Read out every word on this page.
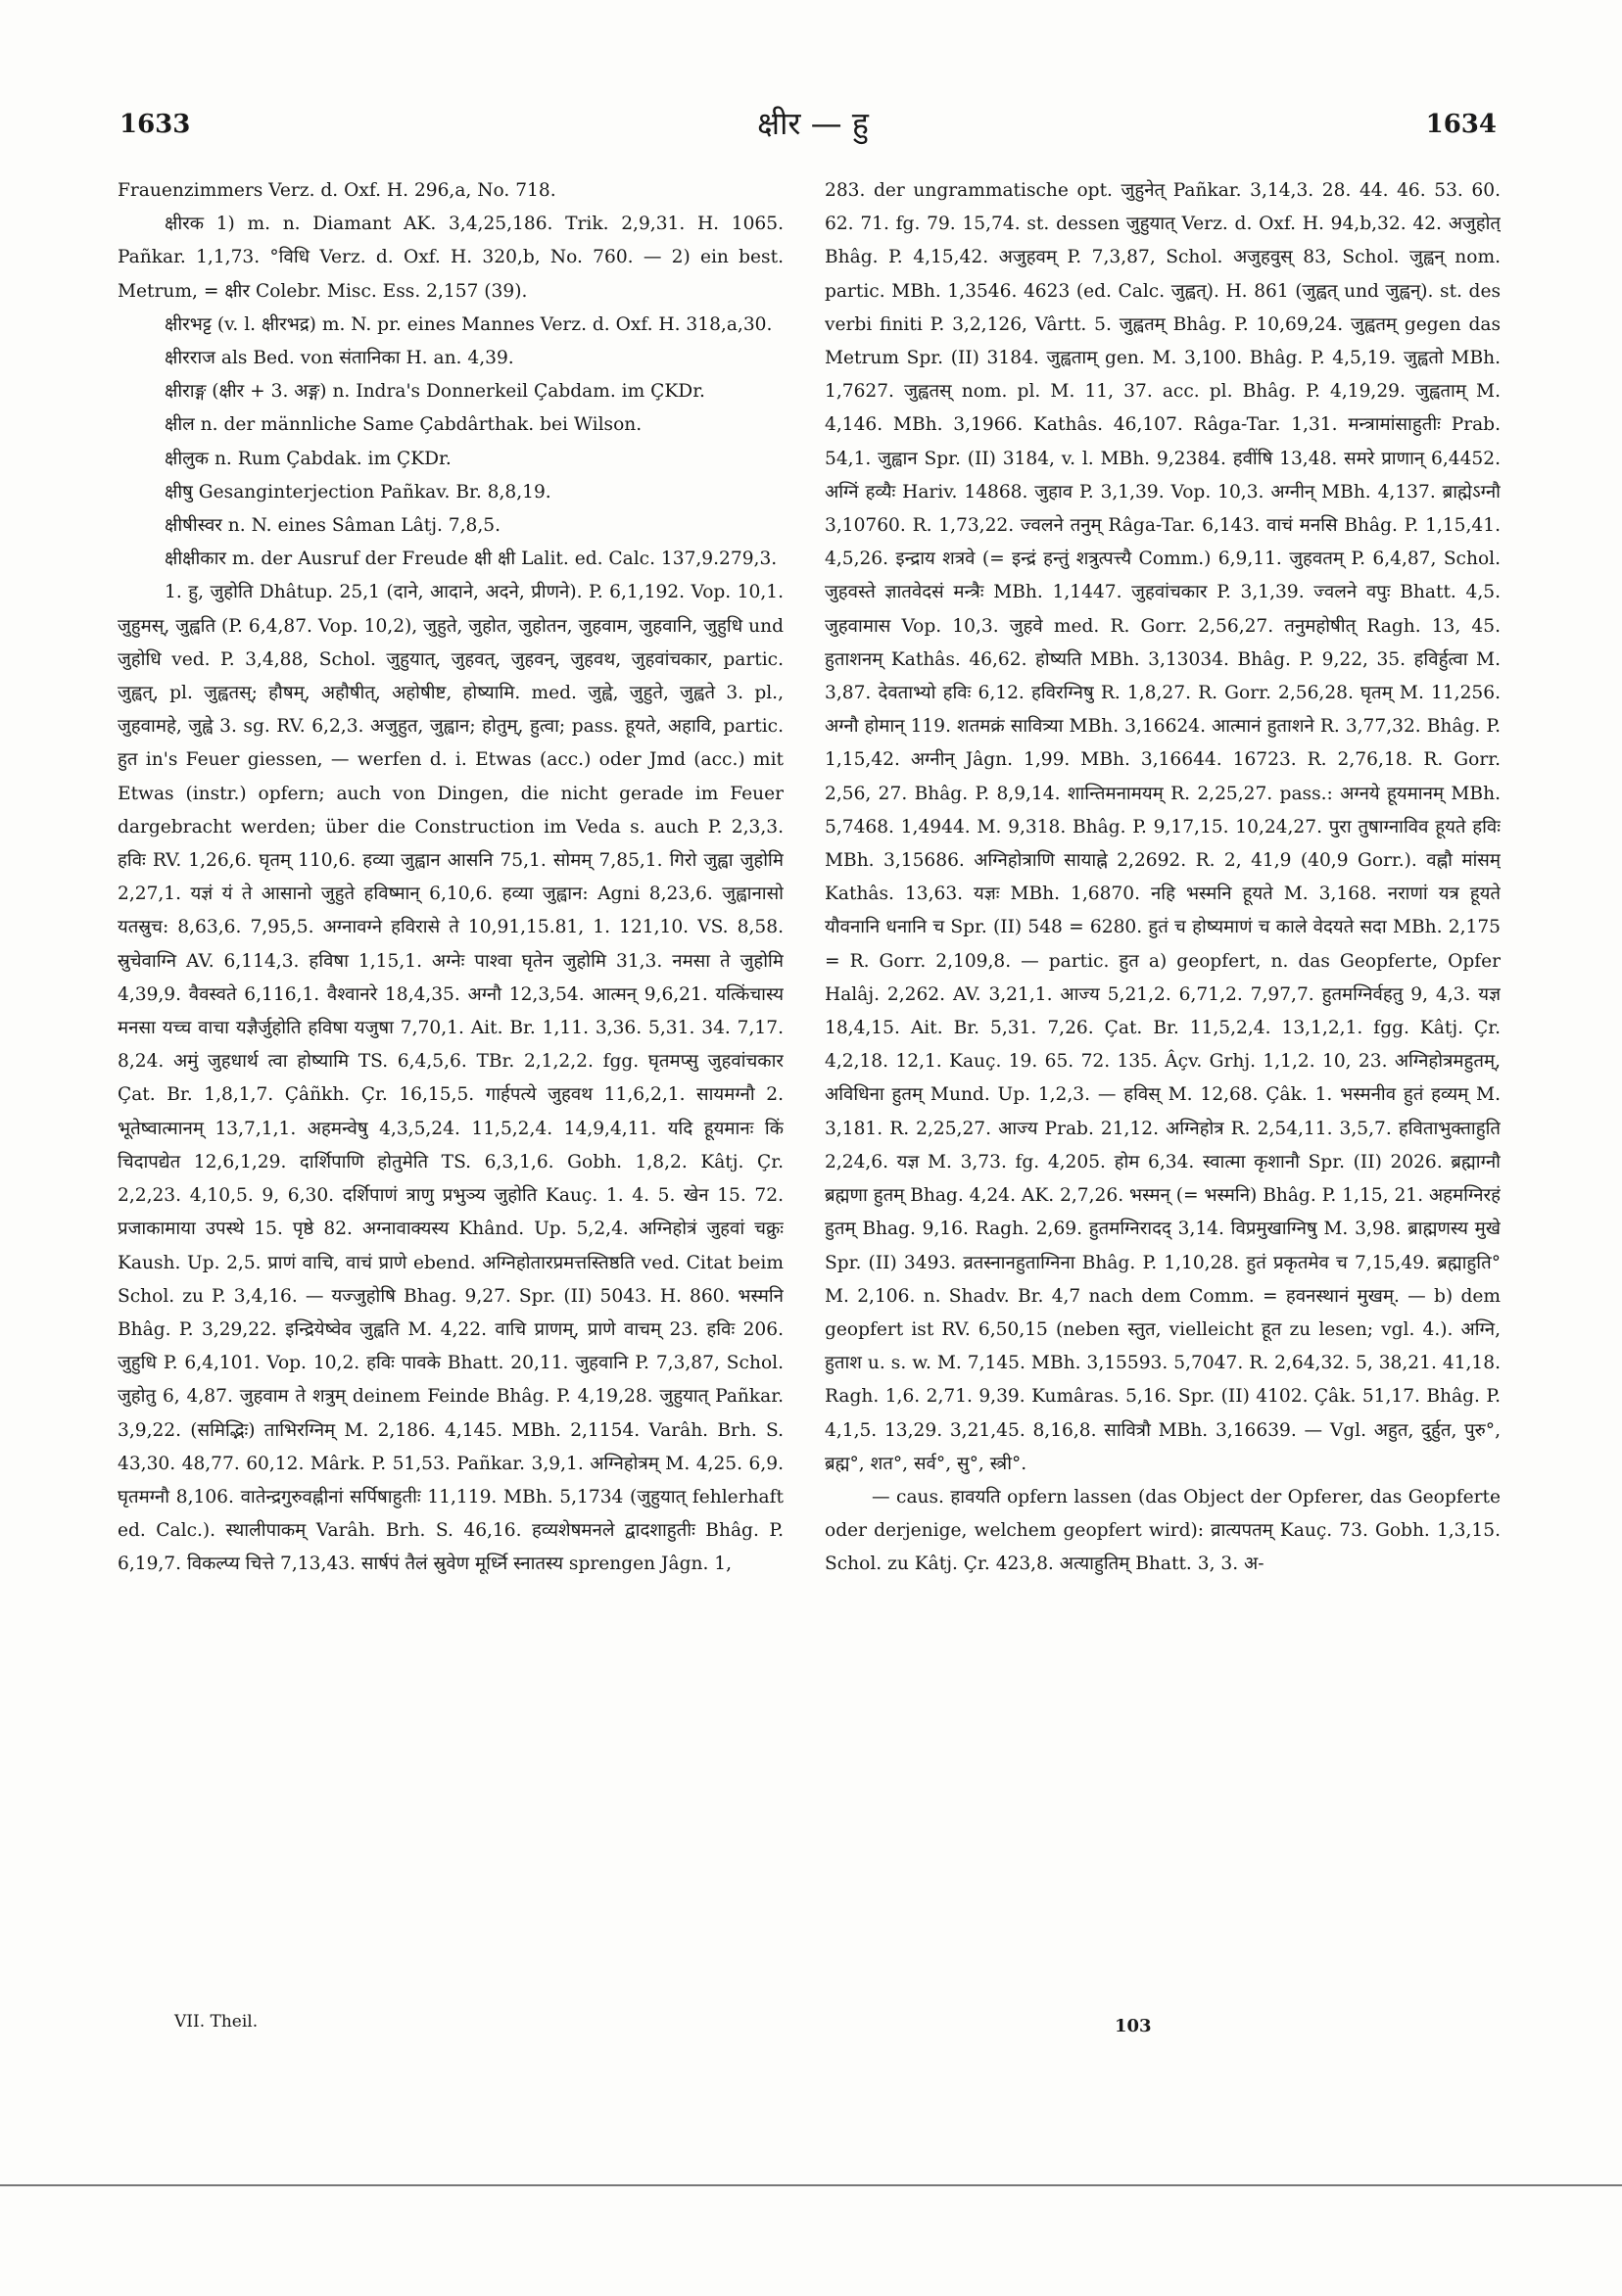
1633	क्षीर — हु	1634

Frauenzimmers Verz. d. Oxf. H. 296,a, No. 718.

क्षीरक 1) m. n. Diamant AK. 3,4,25,186. Trik. 2,9,31. H. 1065. Pañkar. 1,1,73. °विधि Verz. d. Oxf. H. 320,b, No. 760. — 2) ein best. Metrum, = क्षीर Colebr. Misc. Ess. 2,157 (39).

क्षीरभट्ट (v. l. क्षीरभद्र) m. N. pr. eines Mannes Verz. d. Oxf. H. 318,a,30.

क्षीरराज als Bed. von संतानिका H. an. 4,39.

क्षीराङ्ग (क्षीर + 3. अङ्ग) n. Indra's Donnerkeil Çabdam. im ÇKDr.

क्षील n. der männliche Same Çabdârthak. bei Wilson.

क्षीलुक n. Rum Çabdak. im ÇKDr.

क्षीषु Gesanginterjection Pañkav. Br. 8,8,19.

क्षीषीस्वर n. N. eines Sâman Lâtj. 7,8,5.

क्षीक्षीकार m. der Ausruf der Freude क्षी क्षी Lalit. ed. Calc. 137,9.279,3.

1. हु, जुहोति Dhâtup. 25,1 (दाने, आदाने, अदने, प्रीणने). P. 6,1,192. Vop. 10,1. जुहुमस्, जुह्वति (P. 6,4,87. Vop. 10,2), जुहुते, जुहोत, जुहोतन, जुहवाम, जुहवानि, जुहुधि und जुहोधि ved. P. 3,4,88, Schol. जुहुयात्, जुहवत्, जुहवन्, जुहवथ, जुहवांचकार, partic. जुह्वत्, pl. जुह्वतस्; हौषम्, अहौषीत्, अहोषीष्ट, होष्यामि. med. जुह्वे, जुहुते, जुह्वते 3. pl., जुहवामहे, जुह्वे 3. sg. RV. 6,2,3. अजुहुत, जुह्वान; होतुम्, हुत्वा; pass. हूयते, अहावि, partic. हुत in's Feuer giessen, — werfen d. i. Etwas (acc.) oder Jmd (acc.) mit Etwas (instr.) opfern; auch von Dingen, die nicht gerade im Feuer dargebracht werden; über die Construction im Veda s. auch P. 2,3,3. हविः RV. 1,26,6. घृतम् 110,6. हव्या जुह्वान आसनि 75,1. सोमम् 7,85,1. गिरो जुह्वा जुहोमि 2,27,1. यज्ञं यं ते आसानो जुहुते हविष्मान् 6,10,6. हव्या जुह्वान: Agni 8,23,6. जुह्वानासो यतस्रुच: 8,63,6. 7,95,5. अग्नावग्ने हविरासे ते 10,91,15.81, 1. 121,10. VS. 8,58. स्रुचेवाग्नि AV. 6,114,3. हविषा 1,15,1. अग्नेः पाश्वा घृतेन जुहोमि 31,3. नमसा ते जुहोमि 4,39,9. वैवस्वते 6,116,1. वैश्वानरे 18,4,35. अग्नौ 12,3,54. आत्मन् 9,6,21. यत्किंचास्य मनसा यच्च वाचा यज्ञैर्जुहोति हविषा यजुषा 7,70,1. Ait. Br. 1,11. 3,36. 5,31. 34. 7,17. 8,24. अमुं जुहधार्थ त्वा होष्यामि TS. 6,4,5,6. TBr. 2,1,2,2. fgg. घृतमप्सु जुहवांचकार Çat. Br. 1,8,1,7. Çâñkh. Çr. 16,15,5. गार्हपत्ये जुहवथ 11,6,2,1. सायमग्नौ 2. भूतेष्वात्मानम् 13,7,1,1. अहमन्वेषु 4,3,5,24. 11,5,2,4. 14,9,4,11. यदि हूयमानः किं चिदापद्येत 12,6,1,29. दार्शिपाणि होतुमेति TS. 6,3,1,6. Gobh. 1,8,2. Kâtj. Çr. 2,2,23. 4,10,5. 9, 6,30. दर्शिपाणं त्राणु प्रभुञ्य जुहोति Kauç. 1. 4. 5. खेन 15. 72. प्रजाकामाया उपस्थे 15. पृष्ठे 82. अग्नावाक्यस्य Khând. Up. 5,2,4. अग्निहोत्रं जुहवां चक्रुः Kaush. Up. 2,5. प्राणं वाचि, वाचं प्राणे ebend. अग्निहोतारप्रमत्तस्तिष्ठति ved. Citat beim Schol. zu P. 3,4,16. — यज्जुहोषि Bhag. 9,27. Spr. (II) 5043. H. 860. भस्मनि Bhâg. P. 3,29,22. इन्द्रियेष्वेव जुह्वति M. 4,22. वाचि प्राणम्, प्राणे वाचम् 23. हविः 206. जुहुधि P. 6,4,101. Vop. 10,2. हविः पावके Bhatt. 20,11. जुहवानि P. 7,3,87, Schol. जुहोतु 6, 4,87. जुहवाम ते शत्रुम् deinem Feinde Bhâg. P. 4,19,28. जुहुयात् Pañkar. 3,9,22. (समिद्भिः) ताभिरग्निम् M. 2,186. 4,145. MBh. 2,1154. Varâh. Brh. S. 43,30. 48,77. 60,12. Mârk. P. 51,53. Pañkar. 3,9,1. अग्निहोत्रम् M. 4,25. 6,9. घृतमग्नौ 8,106. वातेन्द्रगुरुवह्नीनां सर्पिषाहुतीः 11,119. MBh. 5,1734 (जुहुयात् fehlerhaft ed. Calc.). स्थालीपाकम् Varâh. Brh. S. 46,16. हव्यशेषमनले द्वादशाहुतीः Bhâg. P. 6,19,7. विकल्प्य चित्ते 7,13,43. सार्षपं तैलं स्रुवेण मूर्ध्नि स्नातस्य sprengen Jâgn. 1,

283. der ungrammatische opt. जुहुनेत् Pañkar. 3,14,3. 28. 44. 46. 53. 60. 62. 71. fg. 79. 15,74. st. dessen जुहुयात् Verz. d. Oxf. H. 94,b,32. 42. अजुहोत् Bhâg. P. 4,15,42. अजुहवम् P. 7,3,87, Schol. अजुहवुस् 83, Schol. जुह्वन् nom. partic. MBh. 1,3546. 4623 (ed. Calc. जुह्वत्). H. 861 (जुह्वत् und जुह्वन्). st. des verbi finiti P. 3,2,126, Vârtt. 5. जुह्वतम् Bhâg. P. 10,69,24. जुह्वतम् gegen das Metrum Spr. (II) 3184. जुह्वताम् gen. M. 3,100. Bhâg. P. 4,5,19. जुह्वतो MBh. 1,7627. जुह्वतस् nom. pl. M. 11, 37. acc. pl. Bhâg. P. 4,19,29. जुह्वताम् M. 4,146. MBh. 3,1966. Kathâs. 46,107. Râga-Tar. 1,31. मन्त्रामांसाहुतीः Prab. 54,1. जुह्वान Spr. (II) 3184, v. l. MBh. 9,2384. हवींषि 13,48. समरे प्राणान् 6,4452. अग्निं हव्यैः Hariv. 14868. जुहाव P. 3,1,39. Vop. 10,3. अग्नीन् MBh. 4,137. ब्राह्मेऽग्नौ 3,10760. R. 1,73,22. ज्वलने तनुम् Râga-Tar. 6,143. वाचं मनसि Bhâg. P. 1,15,41. 4,5,26. इन्द्राय शत्रवे (= इन्द्रं हन्तुं शत्रुत्पत्त्यै Comm.) 6,9,11. जुहवतम् P. 6,4,87, Schol. जुहवस्ते ज्ञातवेदसं मन्त्रैः MBh. 1,1447. जुहवांचकार P. 3,1,39. ज्वलने वपुः Bhatt. 4,5. जुहवामास Vop. 10,3. जुहवे med. R. Gorr. 2,56,27. तनुमहोषीत् Ragh. 13, 45. हुताशनम् Kathâs. 46,62. होष्यति MBh. 3,13034. Bhâg. P. 9,22, 35. हविर्हुत्वा M. 3,87. देवताभ्यो हविः 6,12. हविरग्निषु R. 1,8,27. R. Gorr. 2,56,28. घृतम् M. 11,256. अग्नौ होमान् 119. शतमक्रं सावित्र्या MBh. 3,16624. आत्मानं हुताशने R. 3,77,32. Bhâg. P. 1,15,42. अग्नीन् Jâgn. 1,99. MBh. 3,16644. 16723. R. 2,76,18. R. Gorr. 2,56, 27. Bhâg. P. 8,9,14. शान्तिमनामयम् R. 2,25,27. pass.: अग्नये हूयमानम् MBh. 5,7468. 1,4944. M. 9,318. Bhâg. P. 9,17,15. 10,24,27. पुरा तुषाग्नाविव हूयते हविः MBh. 3,15686. अग्निहोत्राणि सायाह्ने 2,2692. R. 2, 41,9 (40,9 Gorr.). वह्नौ मांसम् Kathâs. 13,63. यज्ञः MBh. 1,6870. नहि भस्मनि हूयते M. 3,168. नराणां यत्र हूयते यौवनानि धनानि च Spr. (II) 548 = 6280. हुतं च होष्यमाणं च काले वेदयते सदा MBh. 2,175 = R. Gorr. 2,109,8. — partic. हुत a) geopfert, n. das Geopferte, Opfer Halâj. 2,262. AV. 3,21,1. आज्य 5,21,2. 6,71,2. 7,97,7. हुतमग्निर्वहतु 9, 4,3. यज्ञ 18,4,15. Ait. Br. 5,31. 7,26. Çat. Br. 11,5,2,4. 13,1,2,1. fgg. Kâtj. Çr. 4,2,18. 12,1. Kauç. 19. 65. 72. 135. Âçv. Grhj. 1,1,2. 10, 23. अग्निहोत्रमहुतम्, अविधिना हुतम् Mund. Up. 1,2,3. — हविस् M. 12,68. Çâk. 1. भस्मनीव हुतं हव्यम् M. 3,181. R. 2,25,27. आज्य Prab. 21,12. अग्निहोत्र R. 2,54,11. 3,5,7. हविताभुक्ताहुति 2,24,6. यज्ञ M. 3,73. fg. 4,205. होम 6,34. स्वात्मा कृशानौ Spr. (II) 2026. ब्रह्माग्नौ ब्रह्मणा हुतम् Bhag. 4,24. AK. 2,7,26. भस्मन् (= भस्मनि) Bhâg. P. 1,15, 21. अहमग्निरहं हुतम् Bhag. 9,16. Ragh. 2,69. हुतमग्निरादद् 3,14. विप्रमुखाग्निषु M. 3,98. ब्राह्मणस्य मुखे Spr. (II) 3493. व्रतस्नानहुताग्निना Bhâg. P. 1,10,28. हुतं प्रकृतमेव च 7,15,49. ब्रह्माहुति° M. 2,106. n. Shadv. Br. 4,7 nach dem Comm. = हवनस्थानं मुखम्. — b) dem geopfert ist RV. 6,50,15 (neben स्तुत, vielleicht हूत zu lesen; vgl. 4.). अग्नि, हुताश u. s. w. M. 7,145. MBh. 3,15593. 5,7047. R. 2,64,32. 5, 38,21. 41,18. Ragh. 1,6. 2,71. 9,39. Kumâras. 5,16. Spr. (II) 4102. Çâk. 51,17. Bhâg. P. 4,1,5. 13,29. 3,21,45. 8,16,8. सावित्रौ MBh. 3,16639. — Vgl. अहुत, दुर्हुत, पुरु°, ब्रह्म°, शत°, सर्व°, सु°, स्त्री°.

— caus. हावयति opfern lassen (das Object der Opferer, das Geopferte oder derjenige, welchem geopfert wird): व्रात्यपतम् Kauç. 73. Gobh. 1,3,15. Schol. zu Kâtj. Çr. 423,8. अत्याहुतिम् Bhatt. 3, 3. अ-

VII. Theil.	103
